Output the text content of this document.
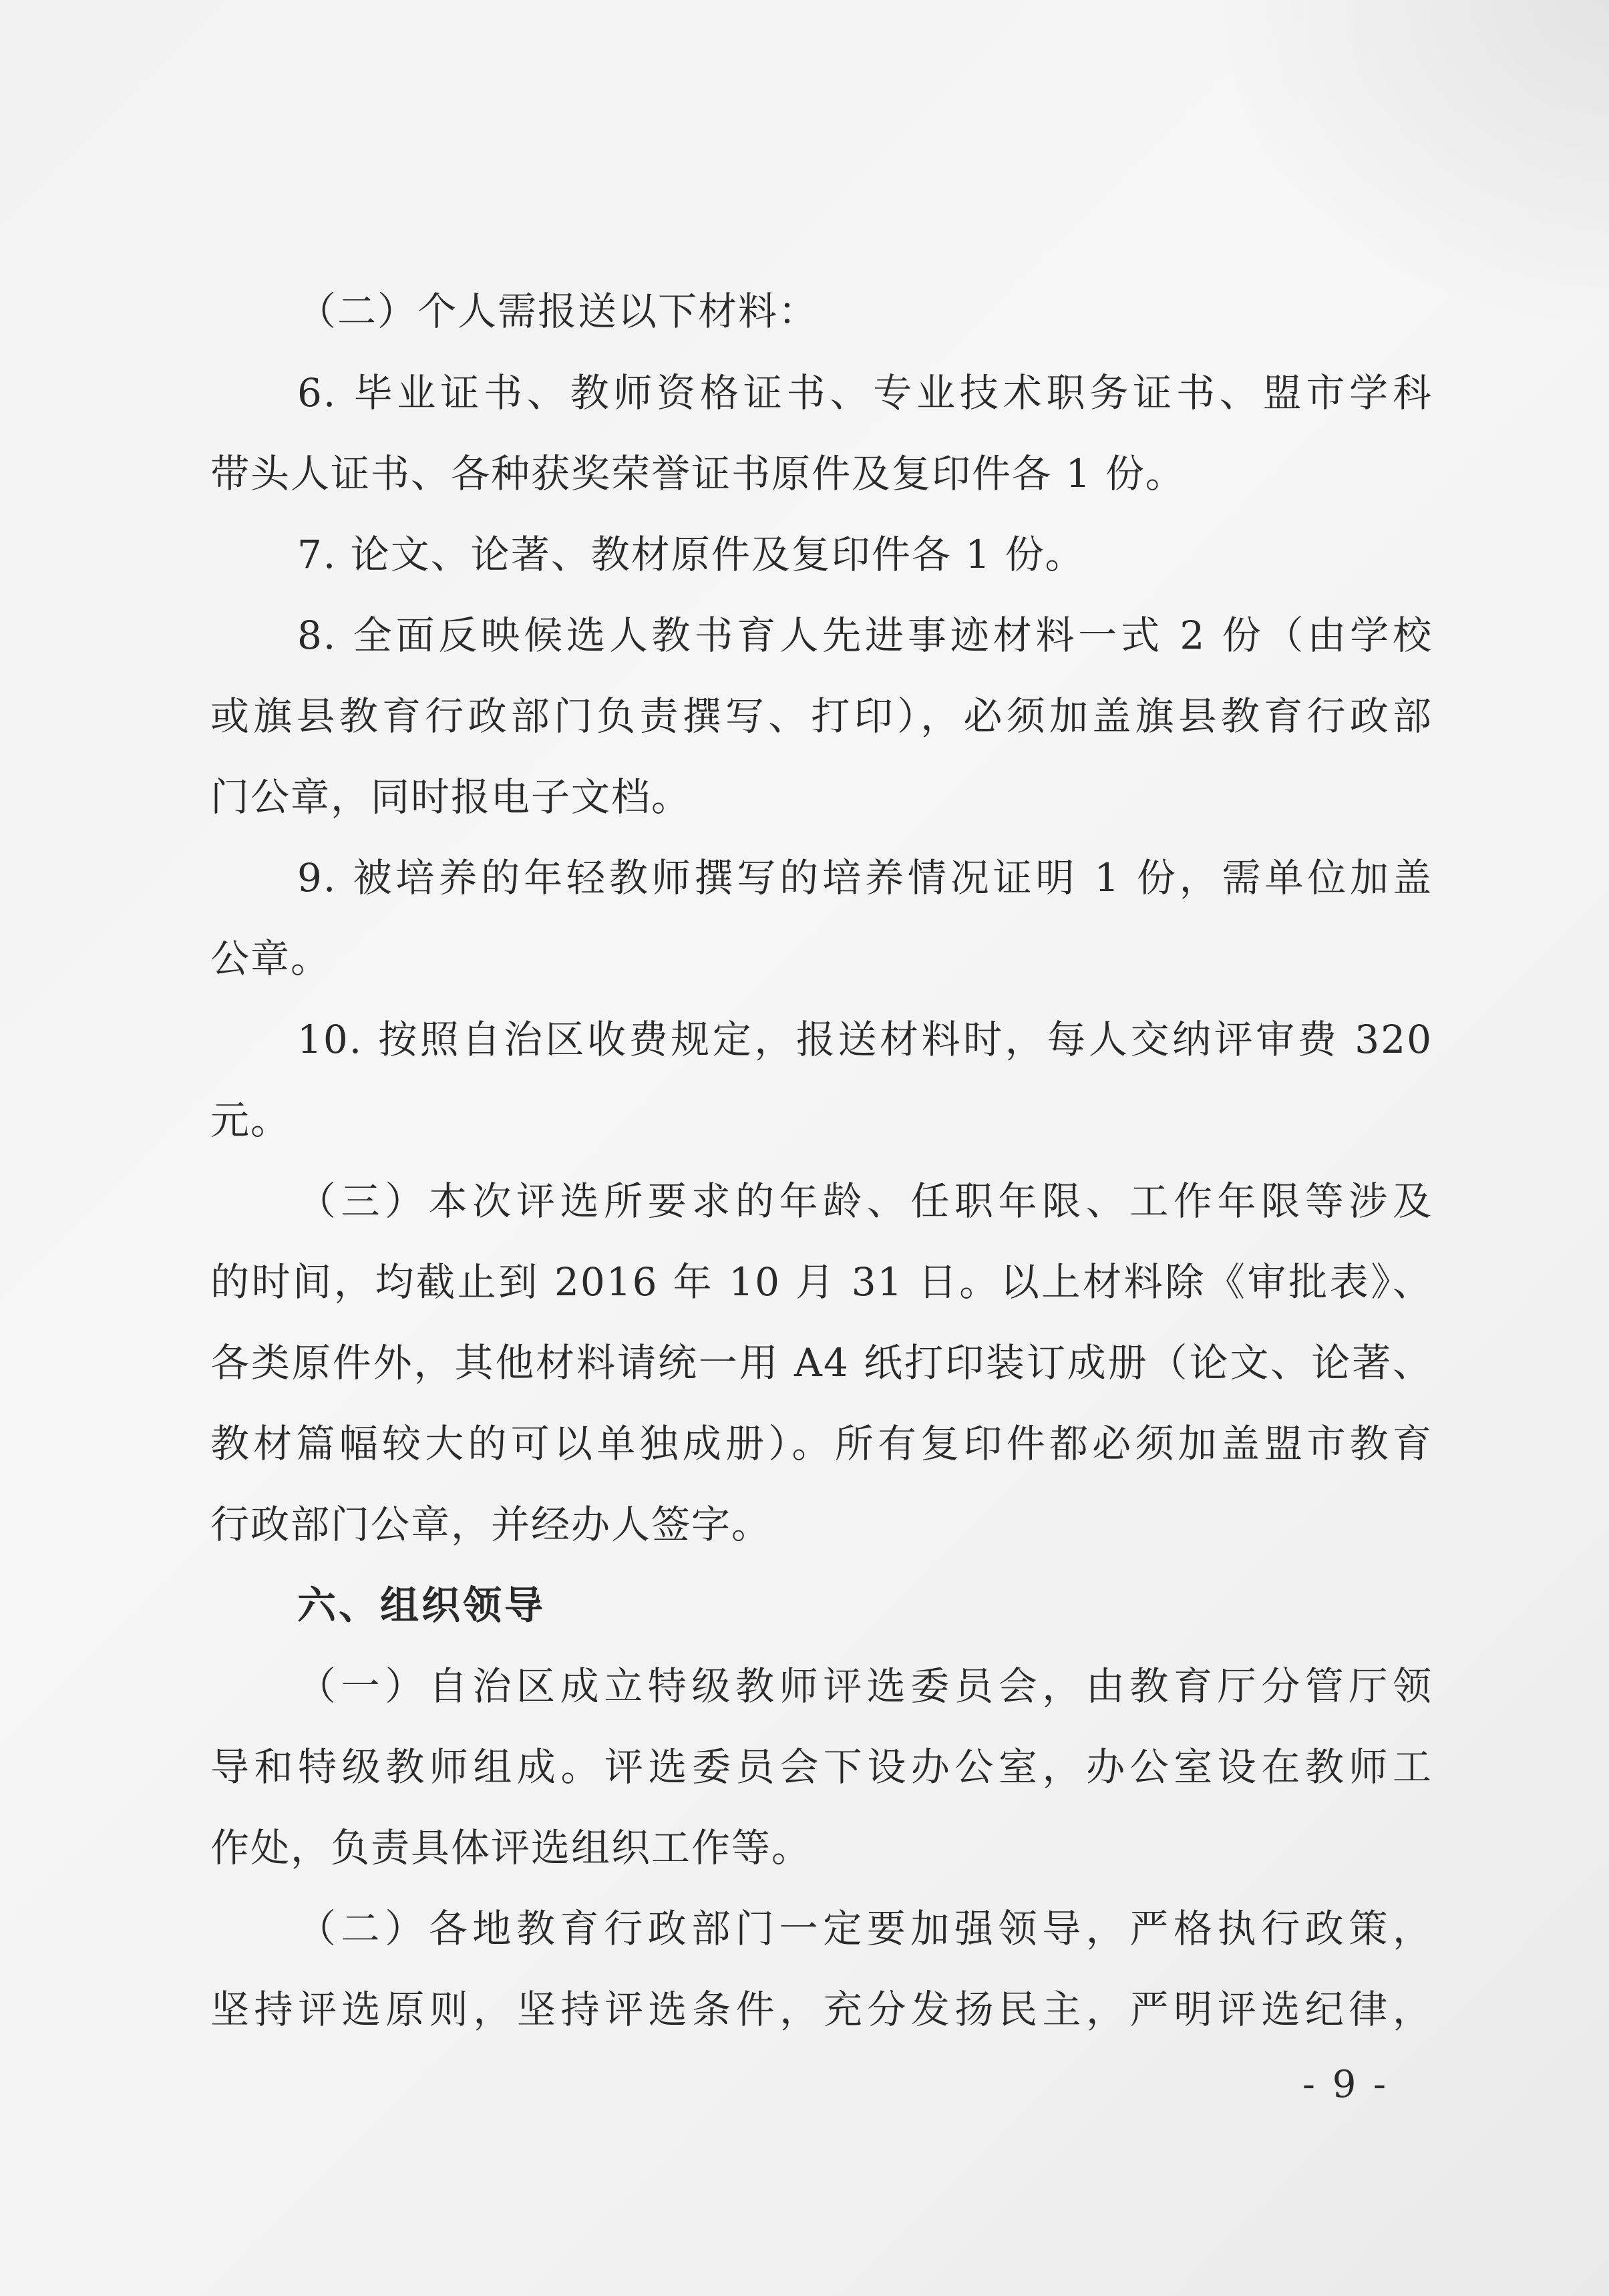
（二）个人需报送以下材料：
6. 毕业证书、教师资格证书、专业技术职务证书、盟市学科
带头人证书、各种获奖荣誉证书原件及复印件各 1 份。
7. 论文、论著、教材原件及复印件各 1 份。
8. 全面反映候选人教书育人先进事迹材料一式 2 份（由学校
或旗县教育行政部门负责撰写、打印），必须加盖旗县教育行政部
门公章，同时报电子文档。
9. 被培养的年轻教师撰写的培养情况证明 1 份，需单位加盖
公章。
10. 按照自治区收费规定，报送材料时，每人交纳评审费 320
元。
（三）本次评选所要求的年龄、任职年限、工作年限等涉及
的时间，均截止到 2016 年 10 月 31 日。以上材料除《审批表》、
各类原件外，其他材料请统一用 A4 纸打印装订成册（论文、论著、
教材篇幅较大的可以单独成册）。所有复印件都必须加盖盟市教育
行政部门公章，并经办人签字。
六、组织领导
（一）自治区成立特级教师评选委员会，由教育厅分管厅领
导和特级教师组成。评选委员会下设办公室，办公室设在教师工
作处，负责具体评选组织工作等。
（二）各地教育行政部门一定要加强领导，严格执行政策，
坚持评选原则，坚持评选条件，充分发扬民主，严明评选纪律，
- 9 -
